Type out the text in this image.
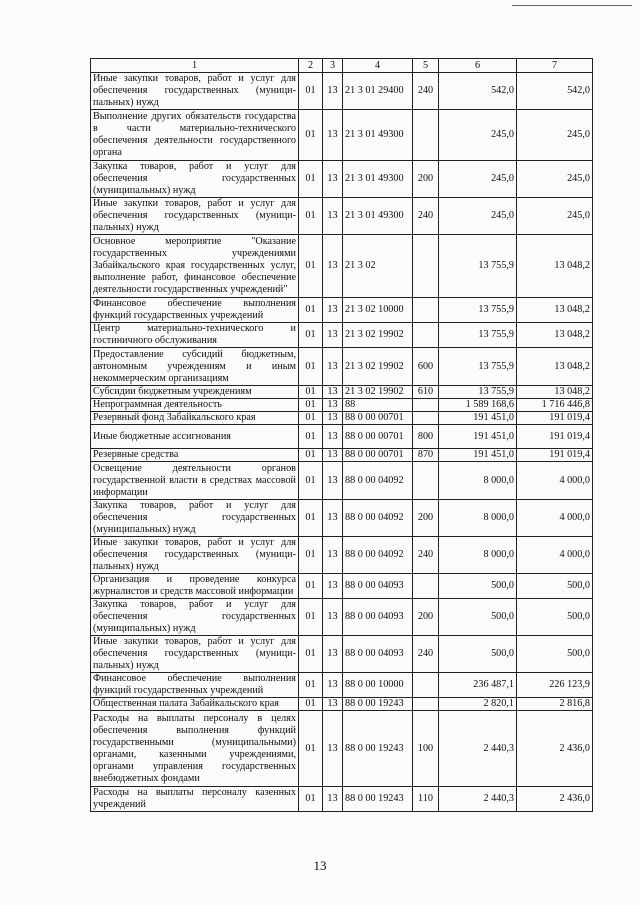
1	2	3	4	5	6	7
Иные закупки товаров, работ и услуг для обеспечения государственных (муници-пальных) нужд	01	13	21 3 01 29400	240	542,0	542,0
Выполнение других обязательств государства в части материально-технического обеспечения деятельности государственного органа	01	13	21 3 01 49300		245,0	245,0
Закупка товаров, работ и услуг для обеспечения государственных (муниципальных) нужд	01	13	21 3 01 49300	200	245,0	245,0
Иные закупки товаров, работ и услуг для обеспечения государственных (муници-пальных) нужд	01	13	21 3 01 49300	240	245,0	245,0
Основное мероприятие "Оказание государственных учреждениями Забайкальского края государственных услуг, выполнение работ, финансовое обеспечение деятельности государственных учреждений"	01	13	21 3 02		13 755,9	13 048,2
Финансовое обеспечение выполнения функций государственных учреждений	01	13	21 3 02 10000		13 755,9	13 048,2
Центр материально-технического и гостиничного обслуживания	01	13	21 3 02 19902		13 755,9	13 048,2
Предоставление субсидий бюджетным, автономным учреждениям и иным некоммерческим организациям	01	13	21 3 02 19902	600	13 755,9	13 048,2
Субсидии бюджетным учреждениям	01	13	21 3 02 19902	610	13 755,9	13 048,2
Непрограммная деятельность	01	13	88		1 589 168,6	1 716 446,8
Резервный фонд Забайкальского края	01	13	88 0 00 00701		191 451,0	191 019,4
Иные бюджетные ассигнования	01	13	88 0 00 00701	800	191 451,0	191 019,4
Резервные средства	01	13	88 0 00 00701	870	191 451,0	191 019,4
Освещение деятельности органов государственной власти в средствах массовой информации	01	13	88 0 00 04092		8 000,0	4 000,0
Закупка товаров, работ и услуг для обеспечения государственных (муниципальных) нужд	01	13	88 0 00 04092	200	8 000,0	4 000,0
Иные закупки товаров, работ и услуг для обеспечения государственных (муници-пальных) нужд	01	13	88 0 00 04092	240	8 000,0	4 000,0
Организация и проведение конкурса журналистов и средств массовой информации	01	13	88 0 00 04093		500,0	500,0
Закупка товаров, работ и услуг для обеспечения государственных (муниципальных) нужд	01	13	88 0 00 04093	200	500,0	500,0
Иные закупки товаров, работ и услуг для обеспечения государственных (муници-пальных) нужд	01	13	88 0 00 04093	240	500,0	500,0
Финансовое обеспечение выполнения функций государственных учреждений	01	13	88 0 00 10000		236 487,1	226 123,9
Общественная палата Забайкальского края	01	13	88 0 00 19243		2 820,1	2 816,8
Расходы на выплаты персоналу в целях обеспечения выполнения функций государственными (муниципальными) органами, казенными учреждениями, органами управления государственных внебюджетных фондами	01	13	88 0 00 19243	100	2 440,3	2 436,0
Расходы на выплаты персоналу казенных учреждений	01	13	88 0 00 19243	110	2 440,3	2 436,0
13
